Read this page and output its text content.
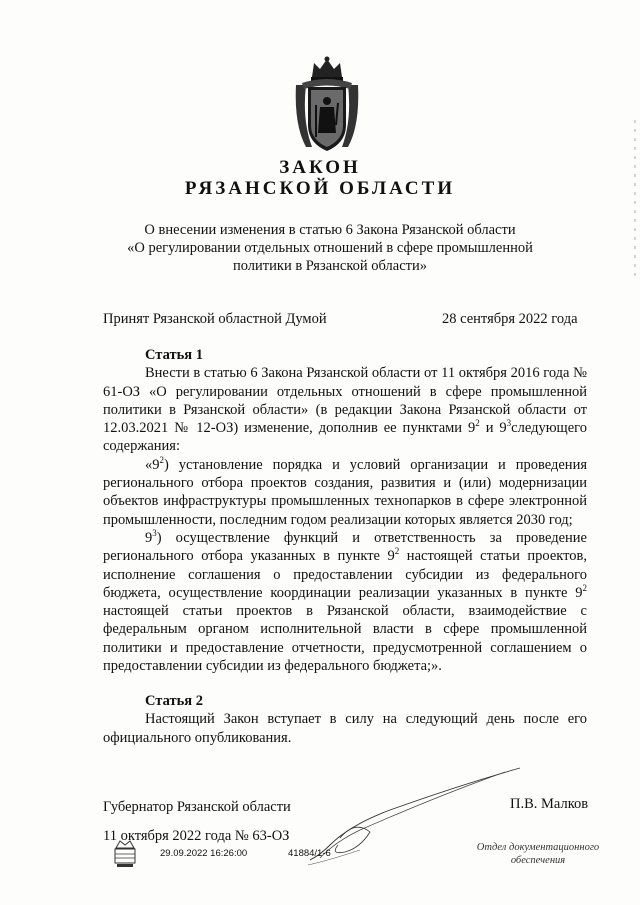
ЗАКОН
РЯЗАНСКОЙ ОБЛАСТИ
О внесении изменения в статью 6 Закона Рязанской области
«О регулировании отдельных отношений в сфере промышленной
политики в Рязанской области»
Принят Рязанской областной Думой	28 сентября 2022 года

Статья 1

Внести в статью 6 Закона Рязанской области от 11 октября 2016 года № 61-ОЗ «О регулировании отдельных отношений в сфере промышленной политики в Рязанской области» (в редакции Закона Рязанской области от 12.03.2021 № 12-ОЗ) изменение, дополнив ее пунктами $9^2$ и $9^3следующего$ содержания:

«$9^2$) установление порядка и условий организации и проведения регионального отбора проектов создания, развития и (или) модернизации объектов инфраструктуры промышленных технопарков в сфере электронной промышленности, последним годом реализации которых является 2030 год;

$9^3$) осуществление функций и ответственность за проведение регионального отбора указанных в пункте $9^2$ настоящей статьи проектов, исполнение соглашения о предоставлении субсидии из федерального бюджета, осуществление координации реализации указанных в пункте $9^2$ настоящей статьи проектов в Рязанской области, взаимодействие с федеральным органом исполнительной власти в сфере промышленной политики и предоставление отчетности, предусмотренной соглашением о предоставлении субсидии из федерального бюджета;».

Статья 2

Настоящий Закон вступает в силу на следующий день после его официального опубликования.

Губернатор Рязанской области	П.В. Малков
11 октября 2022 года № 63-ОЗ
29.09.2022 16:26:00	41884/1-6
Отдел документационного
обеспечения
